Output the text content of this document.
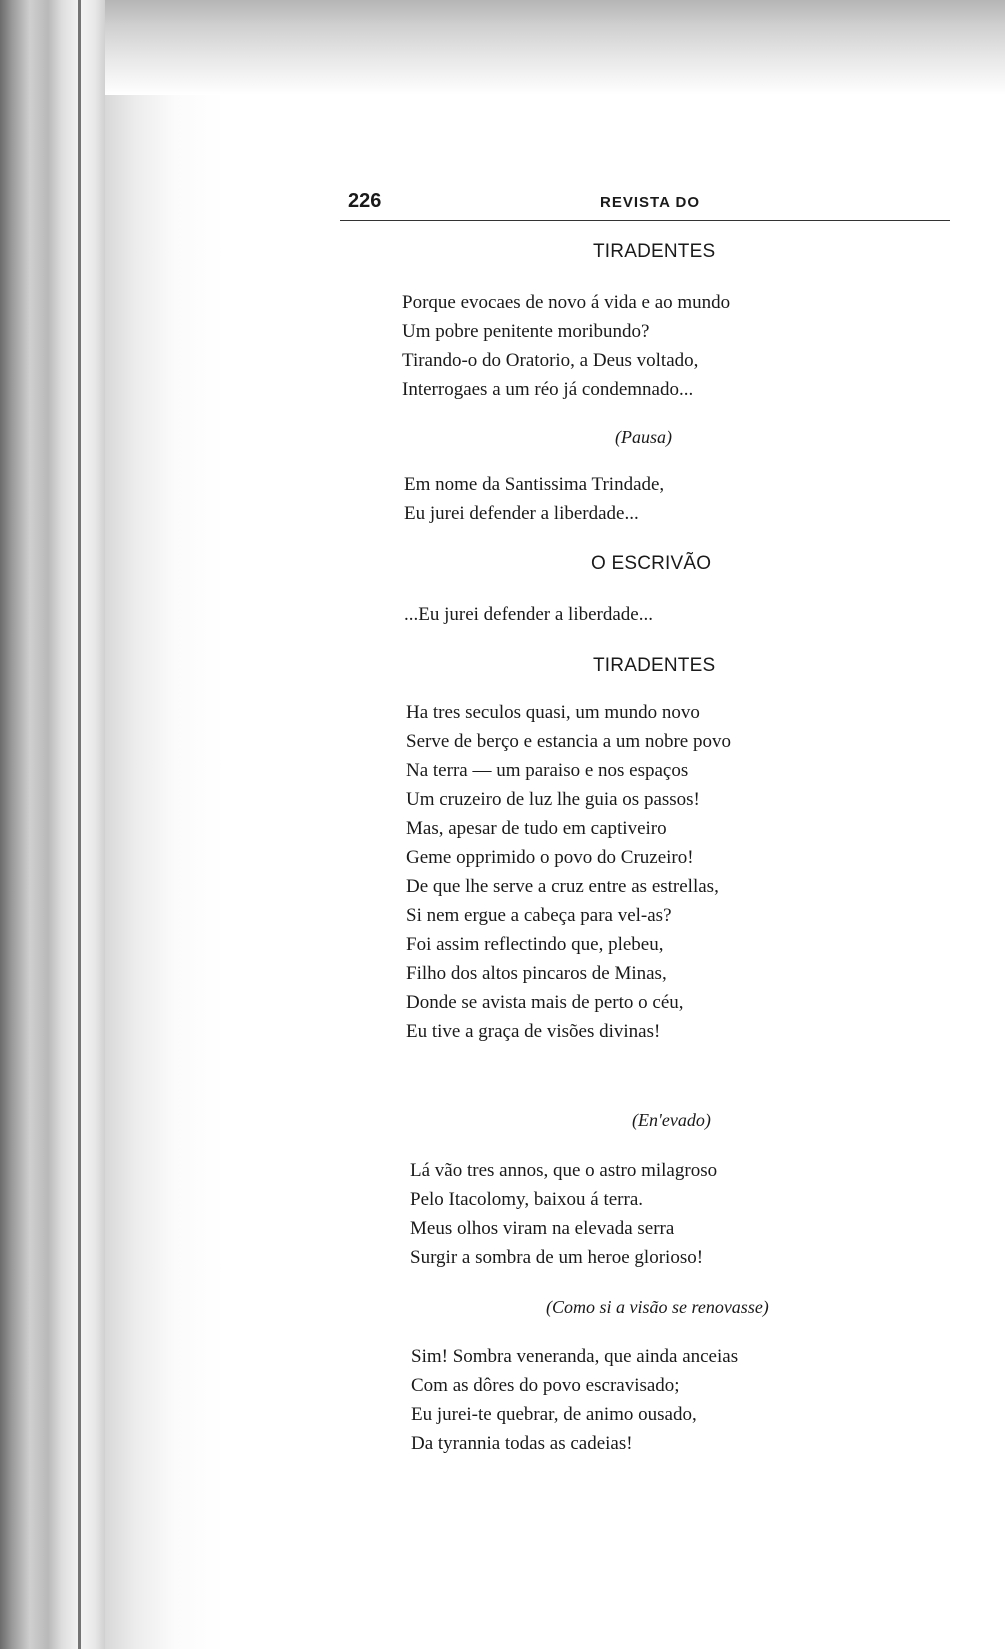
226	REVISTA DO
TIRADENTES
Porque evocaes de novo á vida e ao mundo
Um pobre penitente moribundo?
Tirando-o do Oratorio, a Deus voltado,
Interrogaes a um réo já condemnado...
(Pausa)
Em nome da Santissima Trindade,
Eu jurei defender a liberdade...
O ESCRIVÃO
...Eu jurei defender a liberdade...
TIRADENTES
Ha tres seculos quasi, um mundo novo
Serve de berço e estancia a um nobre povo
Na terra — um paraiso e nos espaços
Um cruzeiro de luz lhe guia os passos!
Mas, apesar de tudo em captiveiro
Geme opprimido o povo do Cruzeiro!
De que lhe serve a cruz entre as estrellas,
Si nem ergue a cabeça para vel-as?
Foi assim reflectindo que, plebeu,
Filho dos altos pincaros de Minas,
Donde se avista mais de perto o céu,
Eu tive a graça de visões divinas!
(En'evado)
Lá vão tres annos, que o astro milagroso
Pelo Itacolomy, baixou á terra.
Meus olhos viram na elevada serra
Surgir a sombra de um heroe glorioso!
(Como si a visão se renovasse)
Sim! Sombra veneranda, que ainda anceias
Com as dôres do povo escravisado;
Eu jurei-te quebrar, de animo ousado,
Da tyrannia todas as cadeias!
